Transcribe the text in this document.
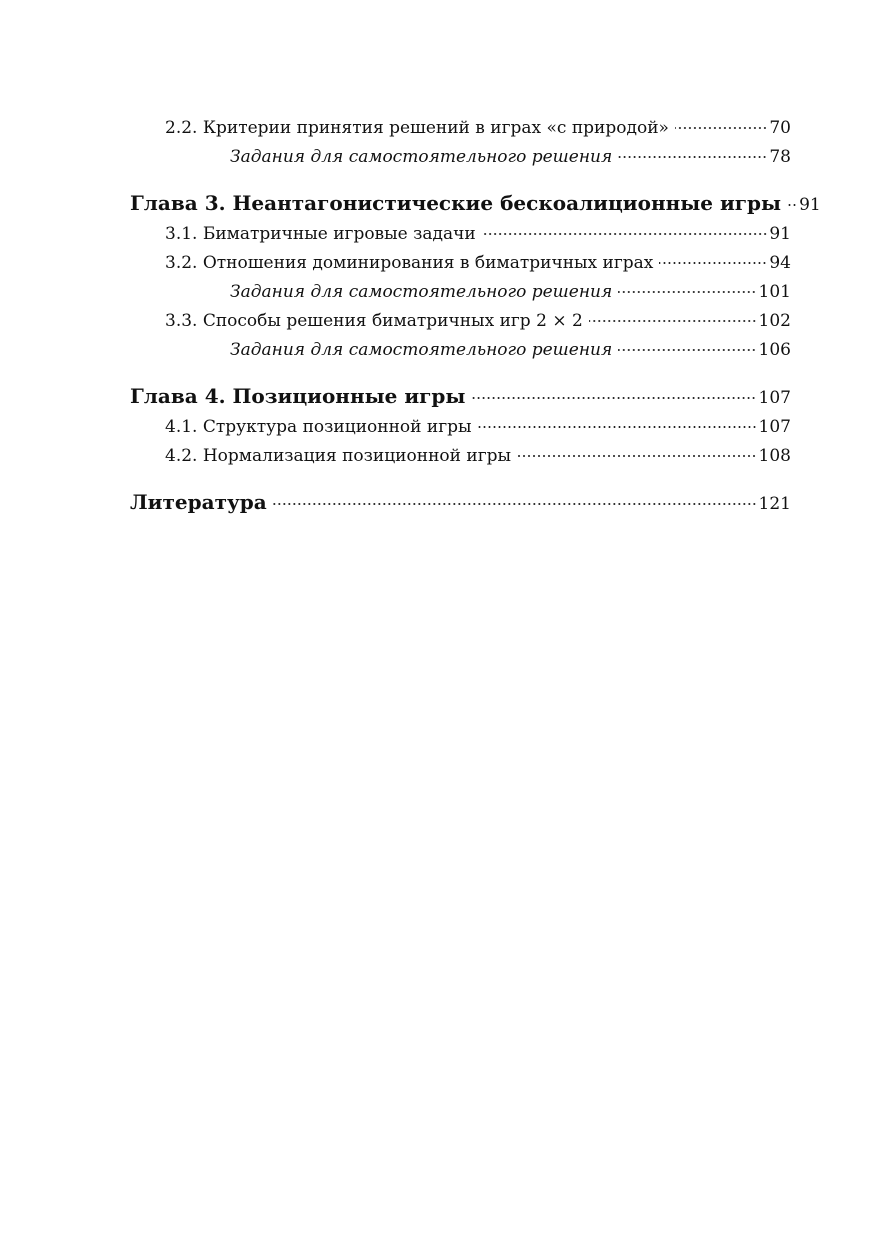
2.2. Критерии принятия решений в играх «с природой»	70
Задания для самостоятельного решения	78
Глава 3. Неантагонистические бескоалиционные игры	91
3.1. Биматричные игровые задачи	91
3.2. Отношения доминирования в биматричных играх	94
Задания для самостоятельного решения	101
3.3. Способы решения биматричных игр 2 × 2	102
Задания для самостоятельного решения	106
Глава 4. Позиционные игры	107
4.1. Структура позиционной игры	107
4.2. Нормализация позиционной игры	108
Литература	121
